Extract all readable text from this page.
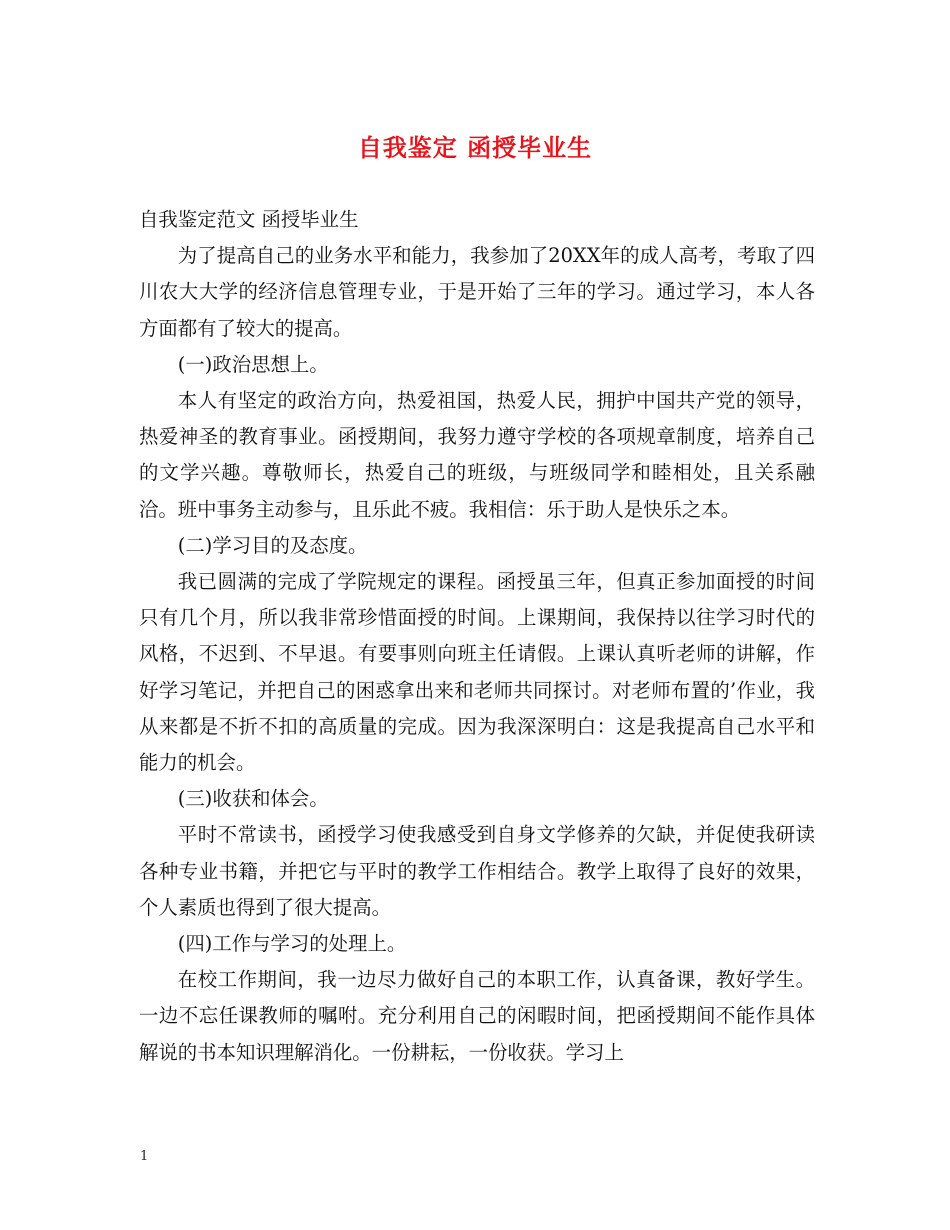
自我鉴定 函授毕业生

自我鉴定范文 函授毕业生

为了提高自己的业务水平和能力，我参加了20XX年的成人高考，考取了四川农大大学的经济信息管理专业，于是开始了三年的学习。通过学习，本人各方面都有了较大的提高。

(一)政治思想上。

本人有坚定的政治方向，热爱祖国，热爱人民，拥护中国共产党的领导，热爱神圣的教育事业。函授期间，我努力遵守学校的各项规章制度，培养自己的文学兴趣。尊敬师长，热爱自己的班级，与班级同学和睦相处，且关系融洽。班中事务主动参与，且乐此不疲。我相信：乐于助人是快乐之本。

(二)学习目的及态度。

我已圆满的完成了学院规定的课程。函授虽三年，但真正参加面授的时间只有几个月，所以我非常珍惜面授的时间。上课期间，我保持以往学习时代的风格，不迟到、不早退。有要事则向班主任请假。上课认真听老师的讲解，作好学习笔记，并把自己的困惑拿出来和老师共同探讨。对老师布置的’作业，我从来都是不折不扣的高质量的完成。因为我深深明白：这是我提高自己水平和能力的机会。

(三)收获和体会。

平时不常读书，函授学习使我感受到自身文学修养的欠缺，并促使我研读各种专业书籍，并把它与平时的教学工作相结合。教学上取得了良好的效果，个人素质也得到了很大提高。

(四)工作与学习的处理上。

在校工作期间，我一边尽力做好自己的本职工作，认真备课，教好学生。一边不忘任课教师的嘱咐。充分利用自己的闲暇时间，把函授期间不能作具体解说的书本知识理解消化。一份耕耘，一份收获。学习上

1
